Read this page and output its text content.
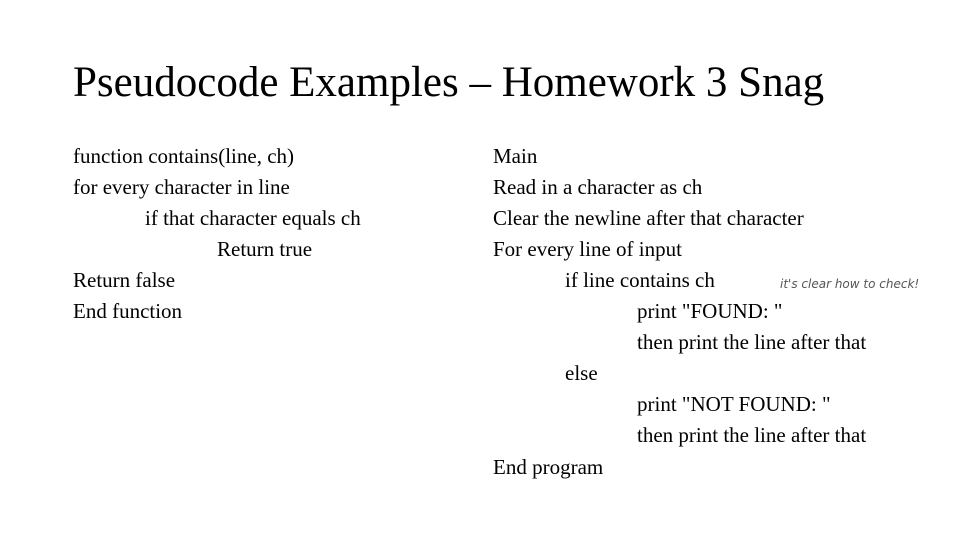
Pseudocode Examples – Homework 3 Snag
function contains(line, ch)
for every character in line
if that character equals ch
Return true
Return false
End function
Main
Read in a character as ch
Clear the newline after that character
For every line of input
if line contains ch
print "FOUND: "
then print the line after that
else
print "NOT FOUND: "
then print the line after that
End program
it's clear how to check!
